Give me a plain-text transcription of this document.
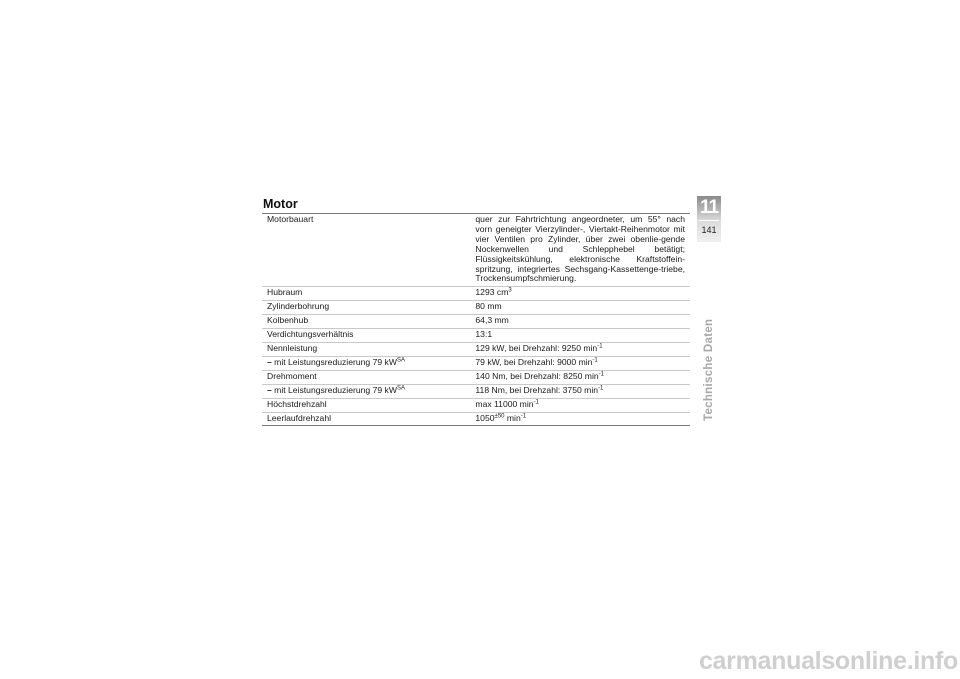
Motor
Motorbauart	quer zur Fahrtrichtung angeordneter, um 55° nach vorn geneigter Vierzylinder-, Viertakt-Reihenmotor mit vier Ventilen pro Zylinder, über zwei obenlie-gende Nockenwellen und Schlepphebel betätigt; Flüssigkeitskühlung, elektronische Kraftstoffein-spritzung, integriertes Sechsgang-Kassettenge-triebe, Trockensumpfschmierung.
Hubraum	1293 $cm^3$
Zylinderbohrung	80 mm
Kolbenhub	64,3 mm
Verdichtungsverhältnis	13:1
Nennleistung	129 kW, bei Drehzahl: 9250 $\min^{-1}$
– mit Leistungsreduzierung 79 $kW^{SA}$	79 kW, bei Drehzahl: 9000 $\min^{-1}$
Drehmoment	140 Nm, bei Drehzahl: 8250 $\min^{-1}$
– mit Leistungsreduzierung 79 $kW^{SA}$	118 Nm, bei Drehzahl: 3750 $\min^{-1}$
Höchstdrehzahl	max 11000 $\min^{-1}$
Leerlaufdrehzahl	$1050^{\pm 50}$ $\min^{-1}$
11
141
Technische Daten
carmanualsonline.info
